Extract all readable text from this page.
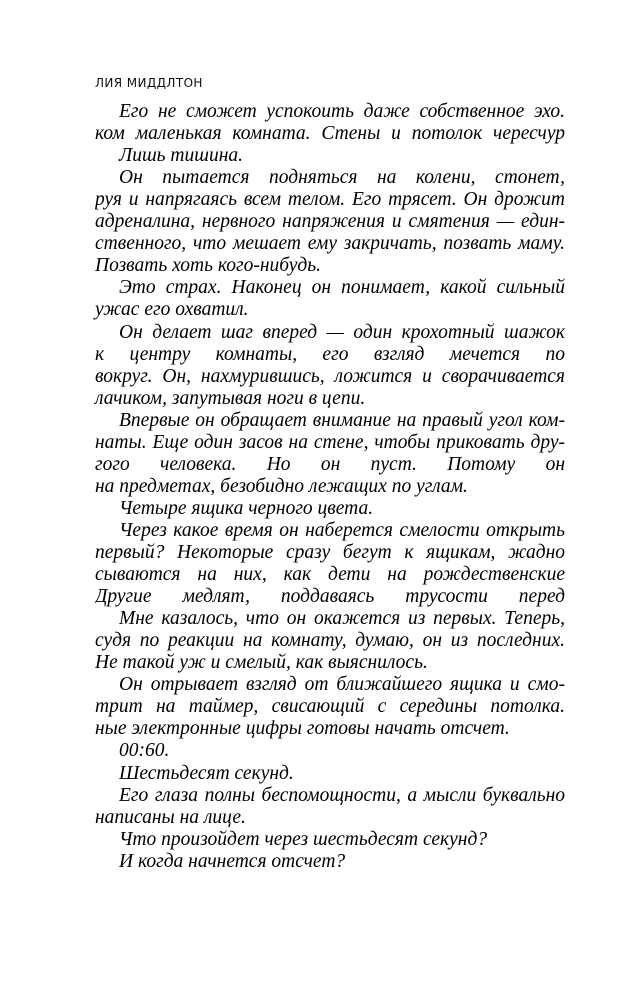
ЛИЯ МИДДЛТОН
Его не сможет успокоить даже собственное эхо.
ком маленькая комната. Стены и потолок чересчур
Лишь тишина.
Он пытается подняться на колени, стонет,
руя и напрягаясь всем телом. Его трясет. Он дрожит
адреналина, нервного напряжения и смятения — един-
ственного, что мешает ему закричать, позвать маму.
Позвать хоть кого-нибудь.
Это страх. Наконец он понимает, какой сильный
ужас его охватил.
Он делает шаг вперед — один крохотный шажок
к центру комнаты, его взгляд мечется по
вокруг. Он, нахмурившись, ложится и сворачивается
лачиком, запутывая ноги в цепи.
Впервые он обращает внимание на правый угол ком-
наты. Еще один засов на стене, чтобы приковать дру-
гого человека. Но он пуст. Потому он
на предметах, безобидно лежащих по углам.
Четыре ящика черного цвета.
Через какое время он наберется смелости открыть
первый? Некоторые сразу бегут к ящикам, жадно
сываются на них, как дети на рождественские
Другие медлят, поддаваясь трусости перед
Мне казалось, что он окажется из первых. Теперь,
судя по реакции на комнату, думаю, он из последних.
Не такой уж и смелый, как выяснилось.
Он отрывает взгляд от ближайшего ящика и смо-
трит на таймер, свисающий с середины потолка.
ные электронные цифры готовы начать отсчет.
00:60.
Шестьдесят секунд.
Его глаза полны беспомощности, а мысли буквально
написаны на лице.
Что произойдет через шестьдесят секунд?
И когда начнется отсчет?
